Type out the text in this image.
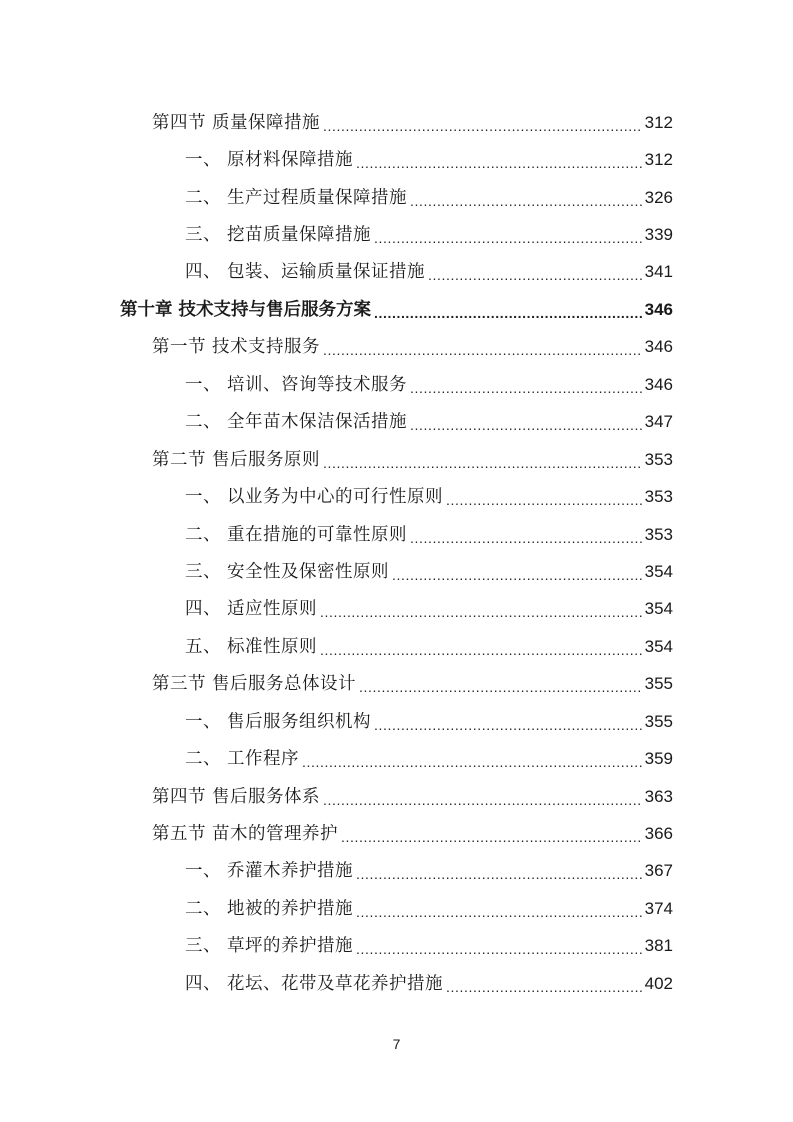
第四节 质量保障措施 .....	312
一、 原材料保障措施 .....	312
二、 生产过程质量保障措施 .....	326
三、 挖苗质量保障措施 .....	339
四、 包装、运输质量保证措施 .....	341
第十章 技术支持与售后服务方案 .....	346
第一节 技术支持服务 .....	346
一、 培训、咨询等技术服务 .....	346
二、 全年苗木保洁保活措施 .....	347
第二节 售后服务原则 .....	353
一、 以业务为中心的可行性原则 .....	353
二、 重在措施的可靠性原则 .....	353
三、 安全性及保密性原则 .....	354
四、 适应性原则 .....	354
五、 标准性原则 .....	354
第三节 售后服务总体设计 .....	355
一、 售后服务组织机构 .....	355
二、 工作程序 .....	359
第四节 售后服务体系 .....	363
第五节 苗木的管理养护 .....	366
一、 乔灌木养护措施 .....	367
二、 地被的养护措施 .....	374
三、 草坪的养护措施 .....	381
四、 花坛、花带及草花养护措施 .....	402
7
